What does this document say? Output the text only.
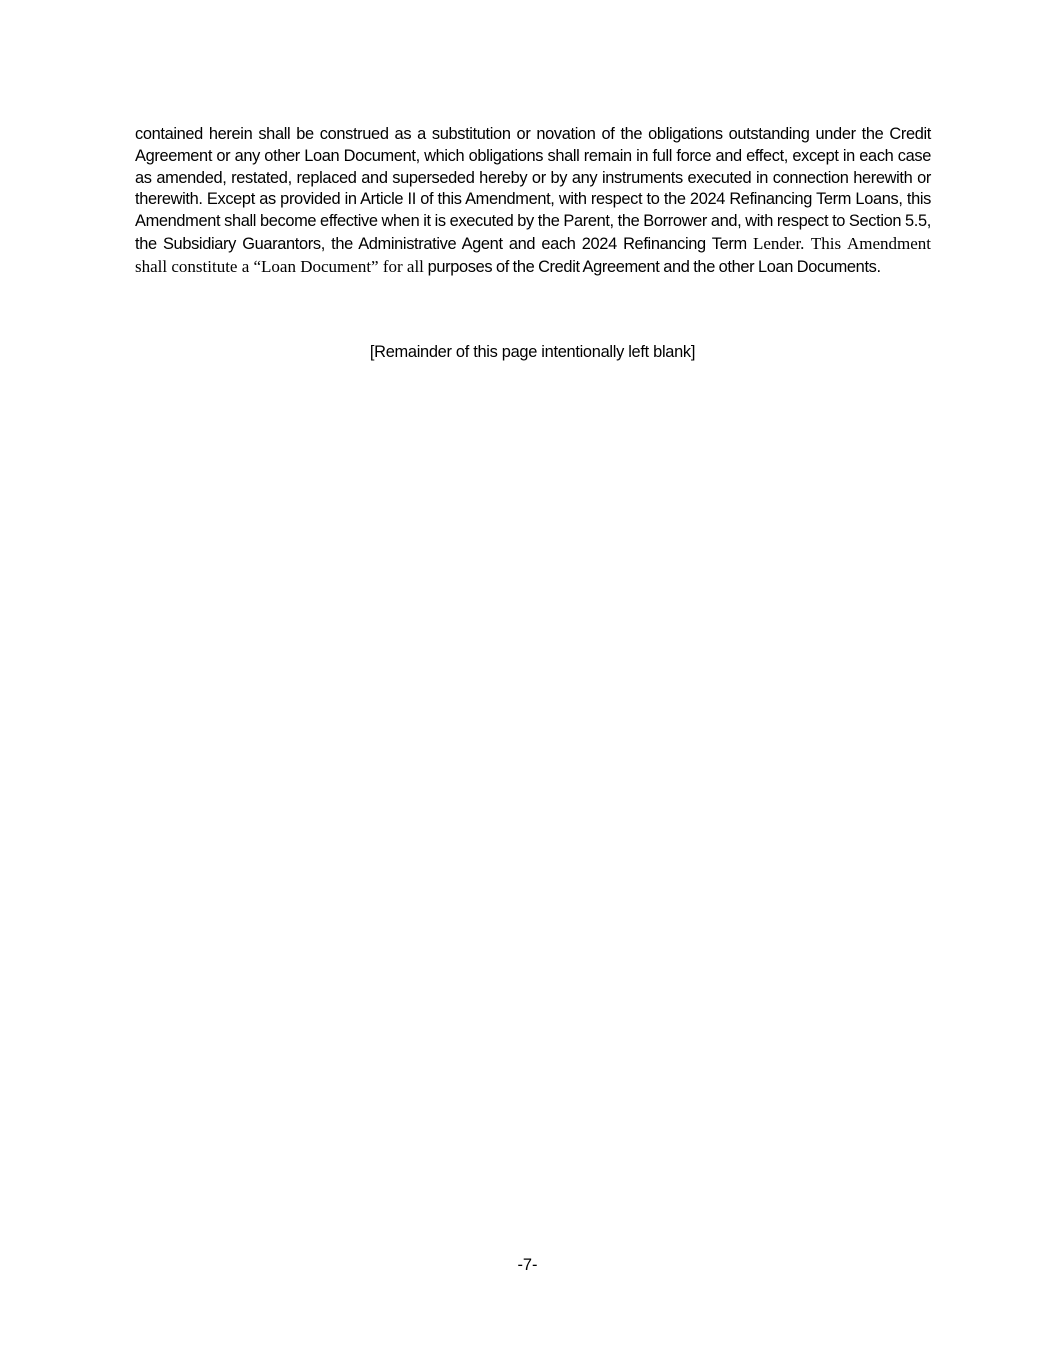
contained herein shall be construed as a substitution or novation of the obligations outstanding under the Credit Agreement or any other Loan Document, which obligations shall remain in full force and effect, except in each case as amended, restated, replaced and superseded hereby or by any instruments executed in connection herewith or therewith. Except as provided in Article II of this Amendment, with respect to the 2024 Refinancing Term Loans, this Amendment shall become effective when it is executed by the Parent, the Borrower and, with respect to Section 5.5, the Subsidiary Guarantors, the Administrative Agent and each 2024 Refinancing Term Lender. This Amendment shall constitute a “Loan Document” for all purposes of the Credit Agreement and the other Loan Documents.

[Remainder of this page intentionally left blank]

-7-
